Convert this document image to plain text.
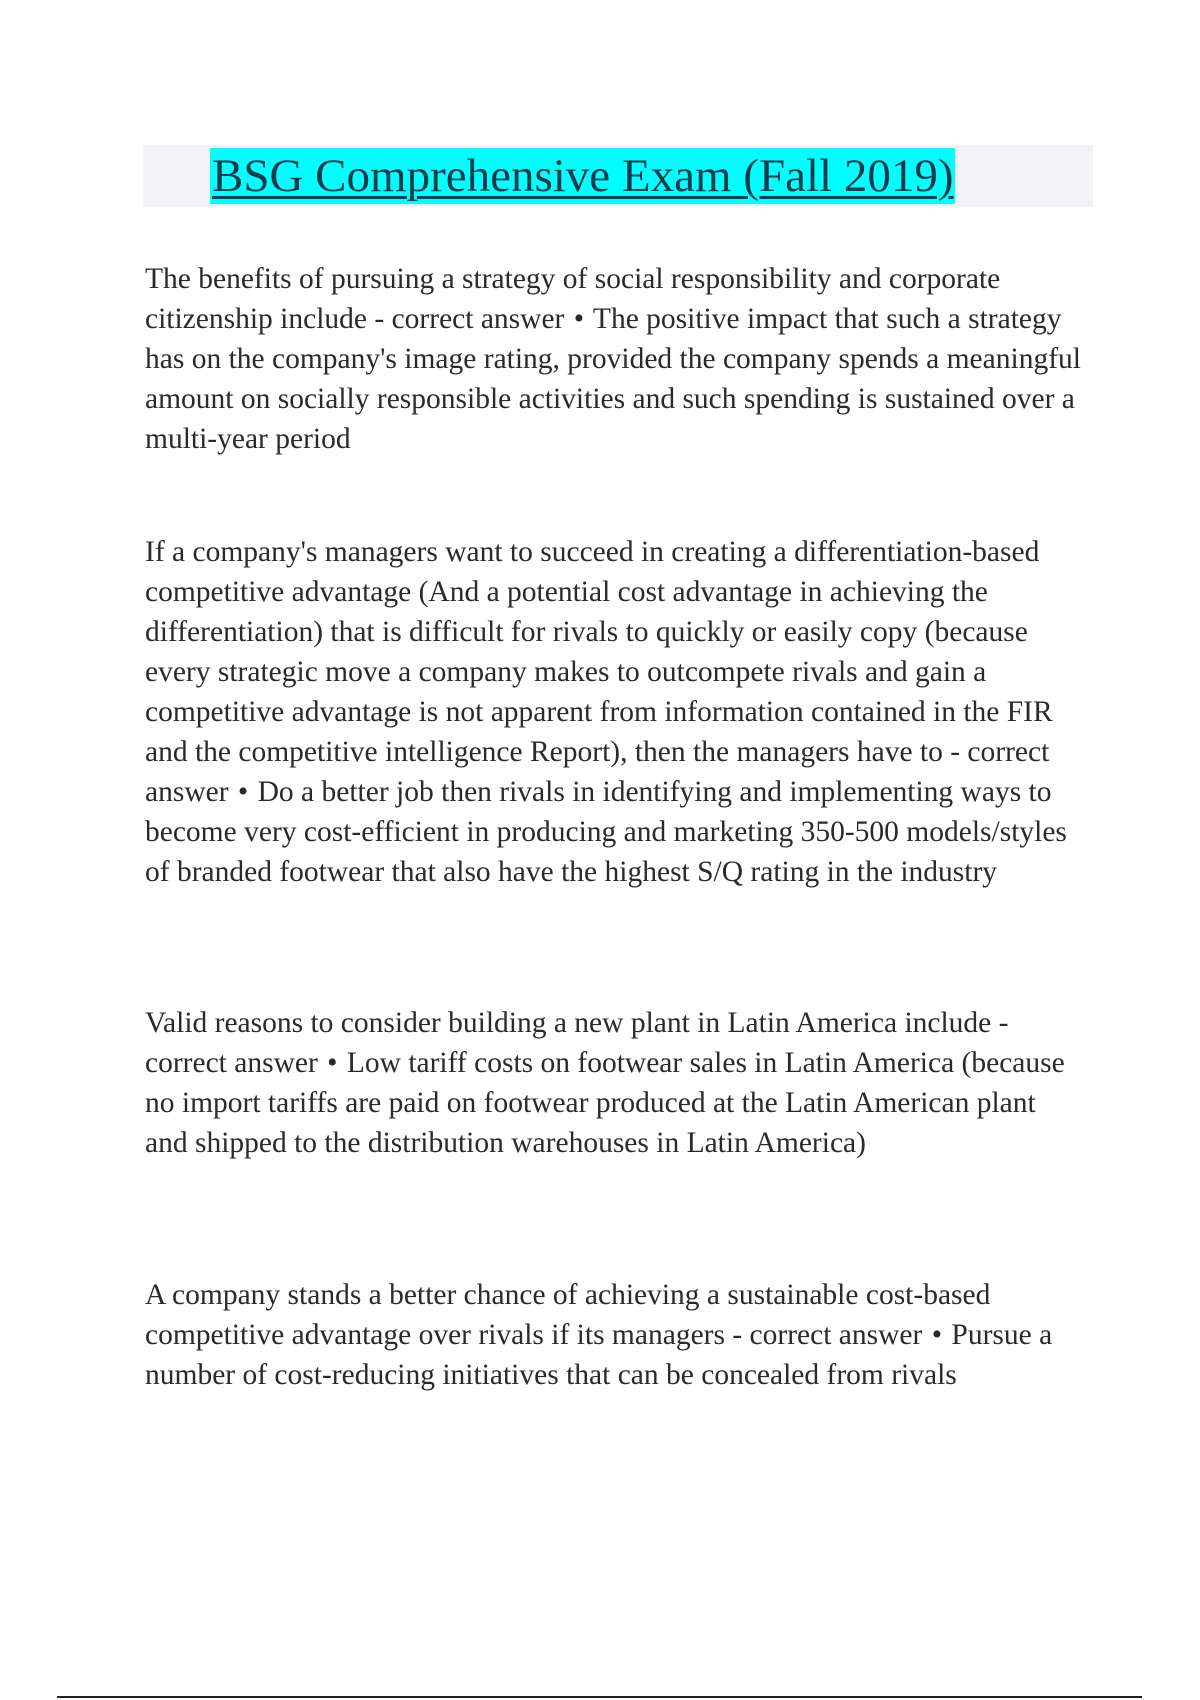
BSG Comprehensive Exam (Fall 2019)

The benefits of pursuing a strategy of social responsibility and corporate citizenship include - correct answer • The positive impact that such a strategy has on the company's image rating, provided the company spends a meaningful amount on socially responsible activities and such spending is sustained over a multi-year period

If a company's managers want to succeed in creating a differentiation-based competitive advantage (And a potential cost advantage in achieving the differentiation) that is difficult for rivals to quickly or easily copy (because every strategic move a company makes to outcompete rivals and gain a competitive advantage is not apparent from information contained in the FIR and the competitive intelligence Report), then the managers have to - correct answer • Do a better job then rivals in identifying and implementing ways to become very cost-efficient in producing and marketing 350-500 models/styles of branded footwear that also have the highest S/Q rating in the industry

Valid reasons to consider building a new plant in Latin America include - correct answer • Low tariff costs on footwear sales in Latin America (because no import tariffs are paid on footwear produced at the Latin American plant and shipped to the distribution warehouses in Latin America)

A company stands a better chance of achieving a sustainable cost-based competitive advantage over rivals if its managers - correct answer • Pursue a number of cost-reducing initiatives that can be concealed from rivals
